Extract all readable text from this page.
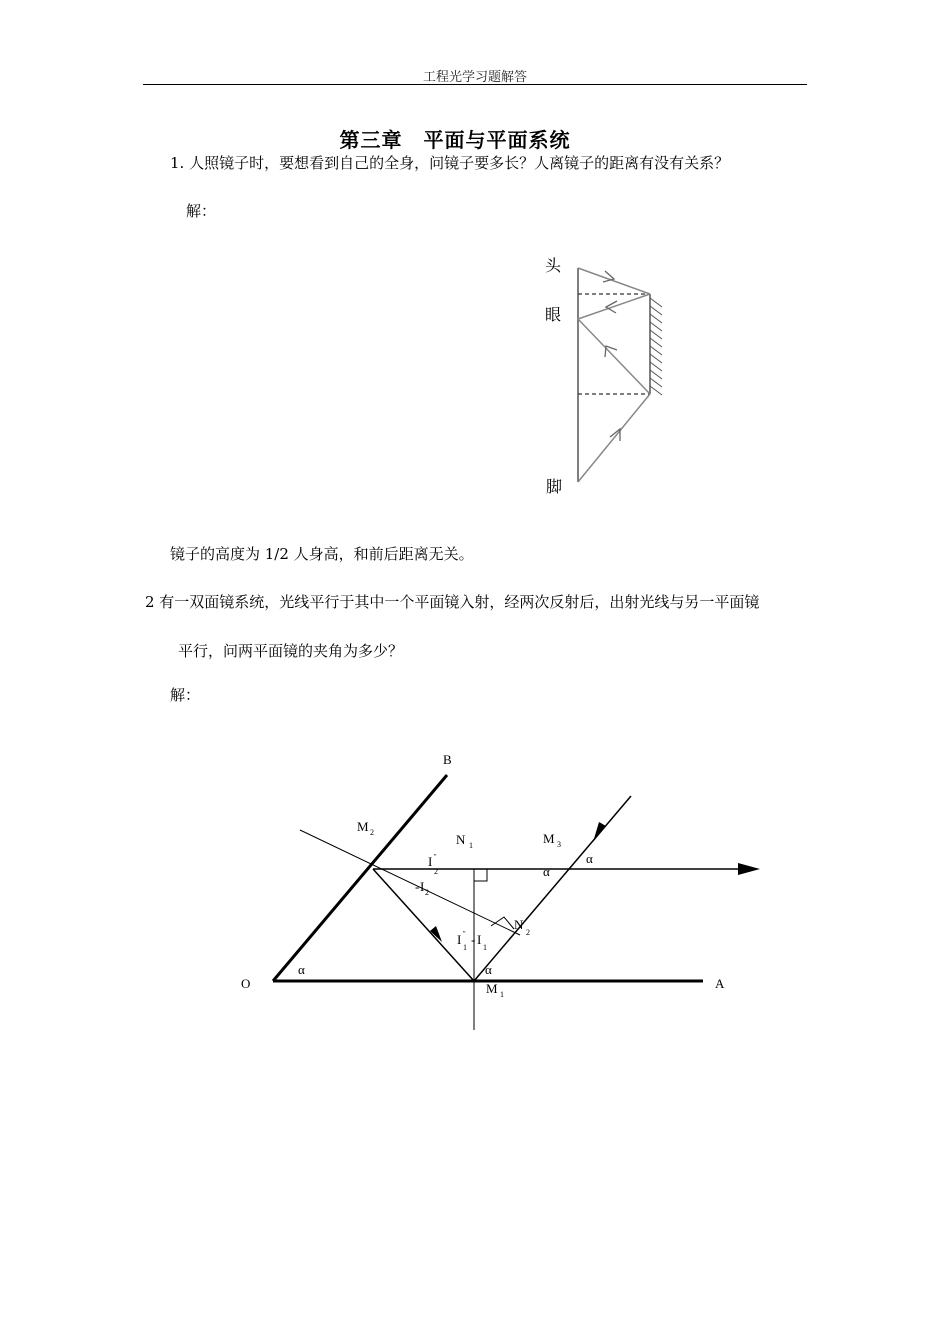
工程光学习题解答
第三章　平面与平面系统
1. 人照镜子时，要想看到自己的全身，问镜子要多长？人离镜子的距离有没有关系？
解：
头
眼
脚
镜子的高度为 1/2 人身高，和前后距离无关。
2 有一双面镜系统，光线平行于其中一个平面镜入射，经两次反射后，出射光线与另一平面镜
平行，问两平面镜的夹角为多少？
解：
B
O	A
M 2	N 1	M 3
I ''
2
- I 2
N
2
I ''
1
- I
1
α
M 1
α
α
α
